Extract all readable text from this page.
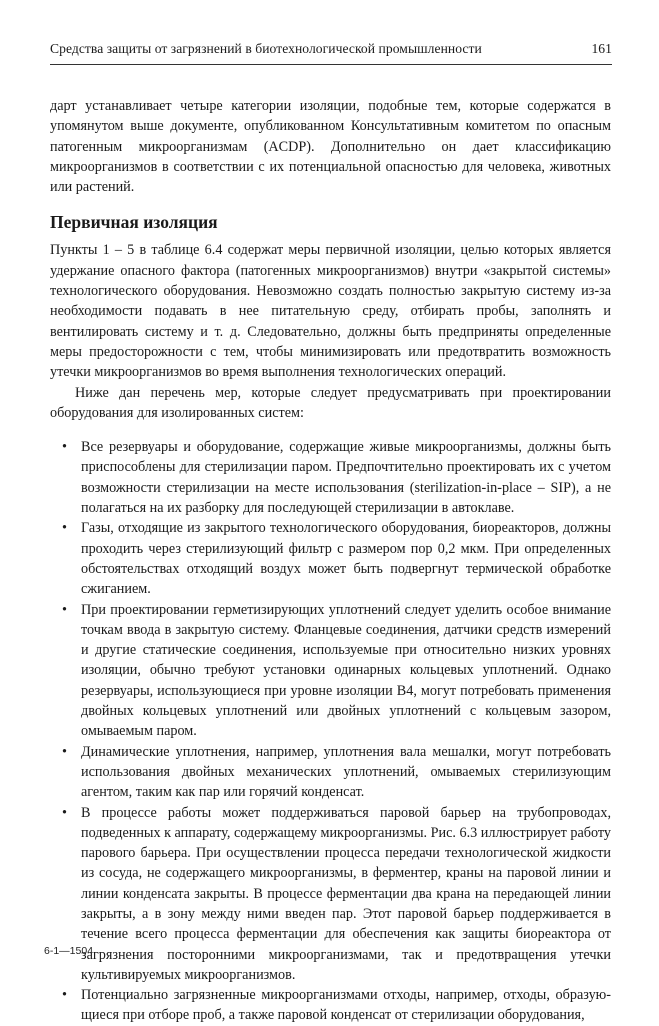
Средства защиты от загрязнений в биотехнологической промышленности	161

дарт устанавливает четыре категории изоляции, подобные тем, которые содержатся в упомянутом выше документе, опубликованном Консультативным комитетом по опасным патогенным микроорганизмам (ACDP). Дополнительно он дает классификацию микроорганизмов в соответствии с их потенциальной опасностью для человека, животных или растений.

Первичная изоляция

Пункты 1 – 5 в таблице 6.4 содержат меры первичной изоляции, целью которых является удержание опасного фактора (патогенных микроорганизмов) внутри «закрытой системы» технологического оборудования. Невозможно создать полностью закрытую систему из-за необходимости подавать в нее питательную среду, отбирать пробы, заполнять и вентилировать систему и т. д. Следовательно, должны быть предприняты определенные меры предосторожности с тем, чтобы минимизировать или предотвратить возможность утечки микроорганизмов во время выполнения технологических операций.

Ниже дан перечень мер, которые следует предусматривать при проектировании оборудования для изолированных систем:

• Все резервуары и оборудование, содержащие живые микроорганизмы, должны быть приспособлены для стерилизации паром. Предпочтительно проектировать их с учетом возможности стерилизации на месте использования (sterilization-in-place – SIP), а не полагаться на их разборку для последующей стерилизации в автоклаве.
• Газы, отходящие из закрытого технологического оборудования, биореакторов, должны проходить через стерилизующий фильтр с размером пор 0,2 мкм. При определенных обстоятельствах отходящий воздух может быть подвергнут термической обработке сжиганием.
• При проектировании герметизирующих уплотнений следует уделить особое внимание точкам ввода в закрытую систему. Фланцевые соединения, датчики средств измерений и другие статические соединения, используемые при относительно низких уровнях изоляции, обычно требуют установки одинарных кольцевых уплотнений. Однако резервуары, использующиеся при уровне изоляции B4, могут потребовать применения двойных кольцевых уплотнений или двойных уплотнений с кольцевым зазором, омываемым паром.
• Динамические уплотнения, например, уплотнения вала мешалки, могут потребовать использования двойных механических уплотнений, омываемых стерилизующим агентом, таким как пар или горячий конденсат.
• В процессе работы может поддерживаться паровой барьер на трубопроводах, подведенных к аппарату, содержащему микроорганизмы. Рис. 6.3 иллюстрирует работу парового барьера. При осуществлении процесса передачи технологической жидкости из сосуда, не содержащего микроорганизмы, в ферментер, краны на паровой линии и линии конденсата закрыты. В процессе ферментации два крана на передающей линии закрыты, а в зону между ними введен пар. Этот паровой барьер поддерживается в течение всего процесса ферментации для обеспечения как защиты биореактора от загрязнения посторонними микроорганизмами, так и предотвращения утечки культивируемых микроорганизмов.
• Потенциально загрязненные микроорганизмами отходы, например, отходы, образующиеся при отборе проб, а также паровой конденсат от стерилизации оборудования,
6-1—1504
